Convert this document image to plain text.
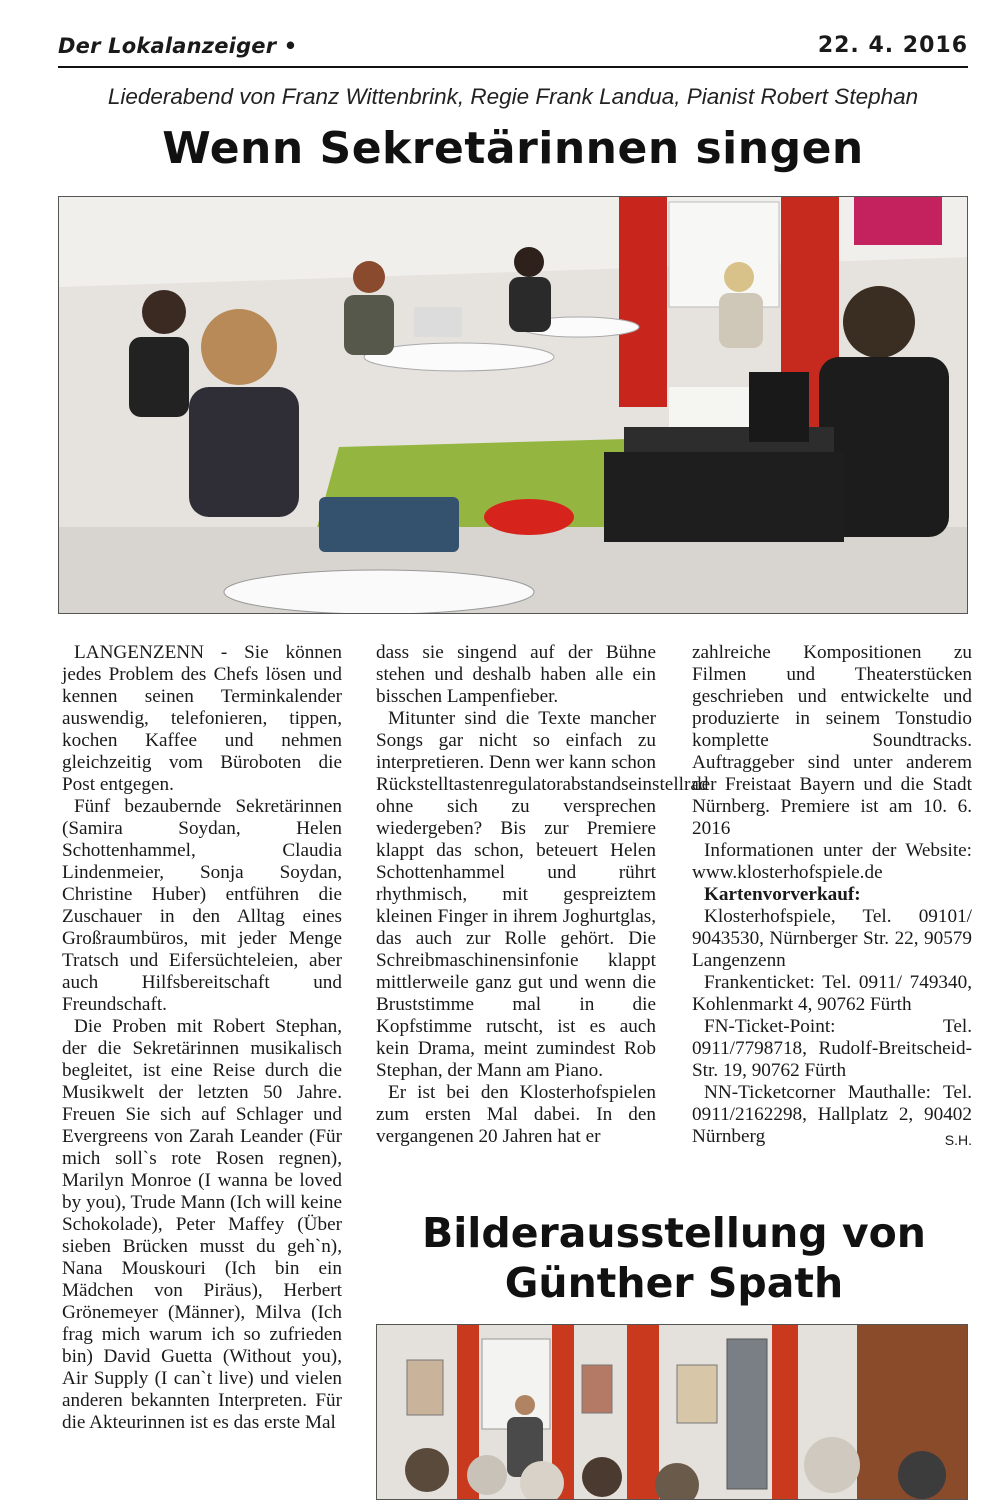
Der Lokalanzeiger •	22. 4. 2016
Liederabend von Franz Wittenbrink, Regie Frank Landua, Pianist Robert Stephan
Wenn Sekretärinnen singen

LANGENZENN - Sie können jedes Problem des Chefs lösen und kennen seinen Terminkalender auswendig, telefonieren, tippen, kochen Kaffee und nehmen gleichzeitig vom Büroboten die Post entgegen.

Fünf bezaubernde Sekretärinnen (Samira Soydan, Helen Schottenhammel, Claudia Lindenmeier, Sonja Soydan, Christine Huber) entführen die Zuschauer in den Alltag eines Großraumbüros, mit jeder Menge Tratsch und Eifersüchteleien, aber auch Hilfsbereitschaft und Freundschaft.

Die Proben mit Robert Stephan, der die Sekretärinnen musikalisch begleitet, ist eine Reise durch die Musikwelt der letzten 50 Jahre. Freuen Sie sich auf Schlager und Evergreens von Zarah Leander (Für mich soll`s rote Rosen regnen), Marilyn Monroe (I wanna be loved by you), Trude Mann (Ich will keine Schokolade), Peter Maffey (Über sieben Brücken musst du geh`n), Nana Mouskouri (Ich bin ein Mädchen von Piräus), Herbert Grönemeyer (Männer), Milva (Ich frag mich warum ich so zufrieden bin) David Guetta (Without you), Air Supply (I can`t live) und vielen anderen bekannten Interpreten. Für die Akteurinnen ist es das erste Mal

dass sie singend auf der Bühne stehen und deshalb haben alle ein bisschen Lampenfieber.

Mitunter sind die Texte mancher Songs gar nicht so einfach zu interpretieren. Denn wer kann schon Rückstelltastenregulatorabstandseinstellrad ohne sich zu versprechen wiedergeben? Bis zur Premiere klappt das schon, beteuert Helen Schottenhammel und rührt rhythmisch, mit gespreiztem kleinen Finger in ihrem Joghurtglas, das auch zur Rolle gehört. Die Schreibmaschinensinfonie klappt mittlerweile ganz gut und wenn die Bruststimme mal in die Kopfstimme rutscht, ist es auch kein Drama, meint zumindest Rob Stephan, der Mann am Piano.

Er ist bei den Klosterhofspielen zum ersten Mal dabei. In den vergangenen 20 Jahren hat er

zahlreiche Kompositionen zu Filmen und Theaterstücken geschrieben und entwickelte und produzierte in seinem Tonstudio komplette Soundtracks. Auftraggeber sind unter anderem der Freistaat Bayern und die Stadt Nürnberg. Premiere ist am 10. 6. 2016

Informationen unter der Website: www.klosterhofspiele.de

Kartenvorverkauf:

Klosterhofspiele, Tel. 09101/ 9043530, Nürnberger Str. 22, 90579 Langenzenn

Frankenticket: Tel. 0911/ 749340, Kohlenmarkt 4, 90762 Fürth

FN-Ticket-Point: Tel. 0911/7798718, Rudolf-Breitscheid-Str. 19, 90762 Fürth

NN-Ticketcorner Mauthalle: Tel. 0911/2162298, Hallplatz 2, 90402 Nürnberg	S.H.

Bilderausstellung von
Günther Spath
